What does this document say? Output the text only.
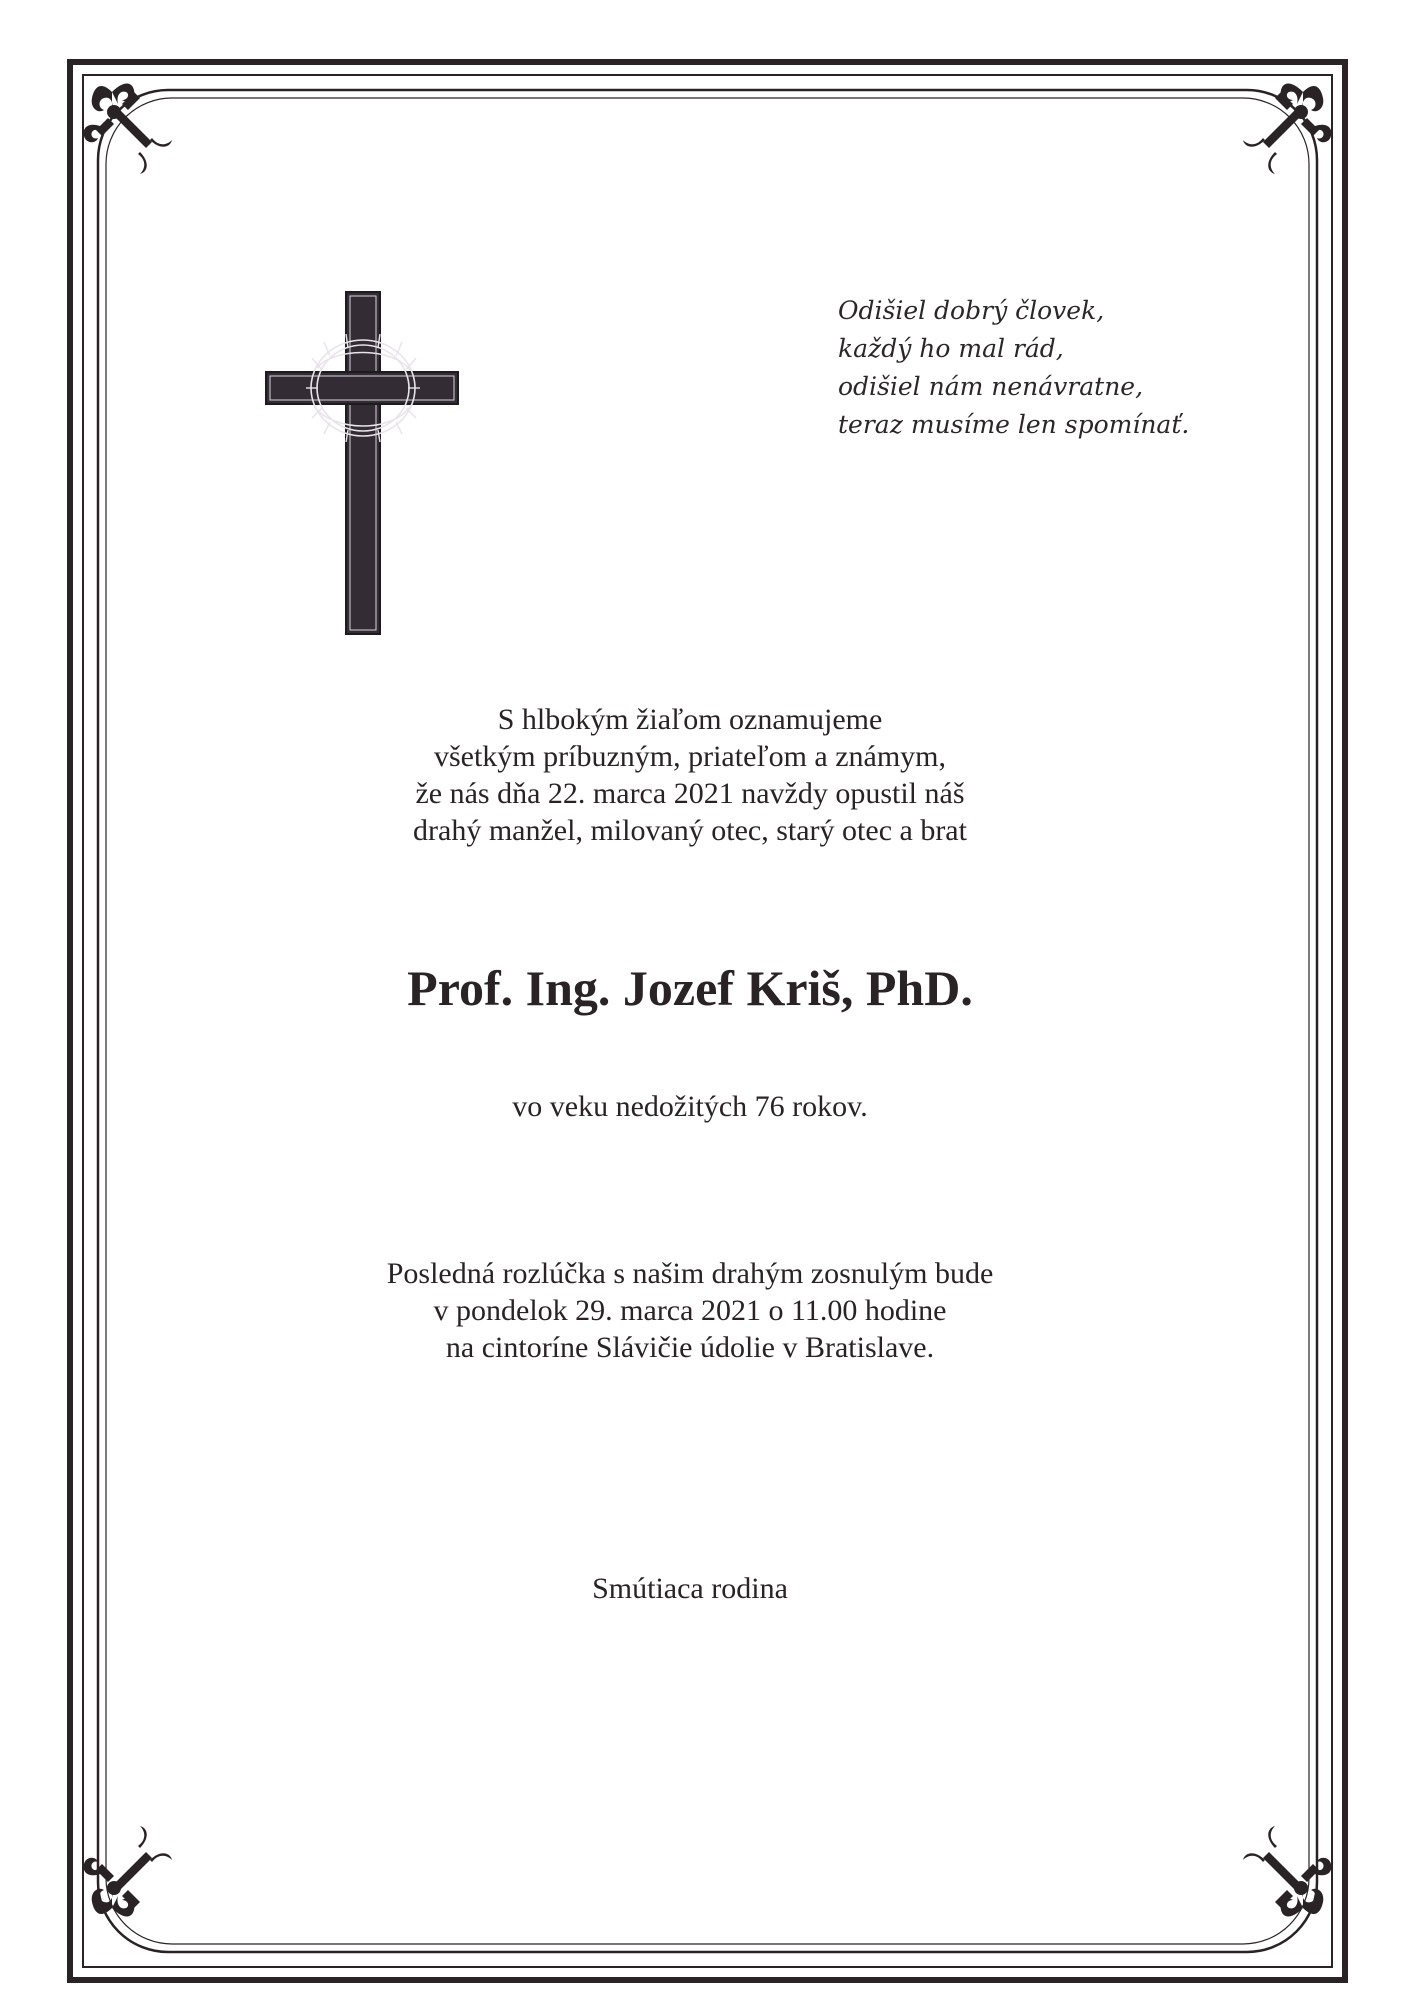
Odišiel dobrý človek,
každý ho mal rád,
odišiel nám nenávratne,
teraz musíme len spomínať.
S hlbokým žiaľom oznamujeme
všetkým príbuzným, priateľom a známym,
že nás dňa 22. marca 2021 navždy opustil náš
drahý manžel, milovaný otec, starý otec a brat
Prof. Ing. Jozef Kriš, PhD.
vo veku nedožitých 76 rokov.
Posledná rozlúčka s našim drahým zosnulým bude
v pondelok 29. marca 2021 o 11.00 hodine
na cintoríne Slávičie údolie v Bratislave.
Smútiaca rodina
